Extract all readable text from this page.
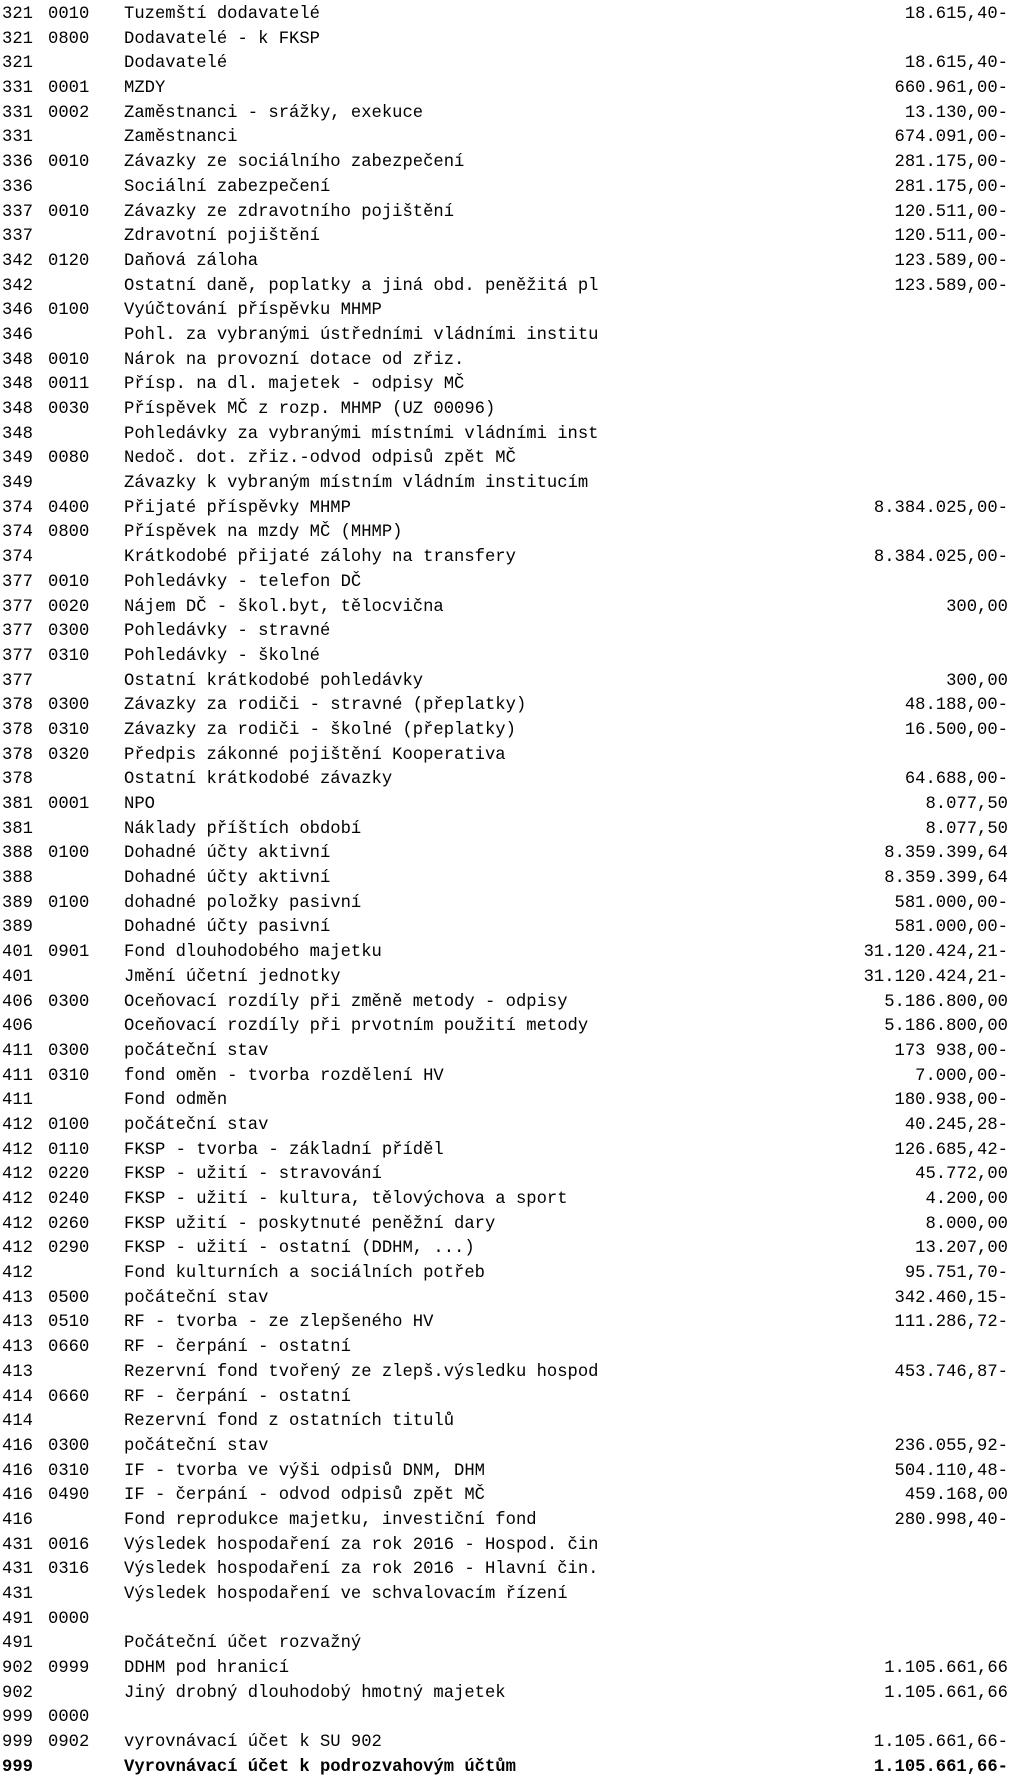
321 0010 Tuzemští dodavatelé	18.615,40-
321 0800 Dodavatelé - k FKSP
321	Dodavatelé	18.615,40-
331 0001 MZDY	660.961,00-
331 0002 Zaměstnanci - srážky, exekuce	13.130,00-
331	Zaměstnanci	674.091,00-
336 0010 Závazky ze sociálního zabezpečení	281.175,00-
336	Sociální zabezpečení	281.175,00-
337 0010 Závazky ze zdravotního pojištění	120.511,00-
337	Zdravotní pojištění	120.511,00-
342 0120 Daňová záloha	123.589,00-
342	Ostatní daně, poplatky a jiná obd. peněžitá pl	123.589,00-
346 0100 Vyúčtování příspěvku MHMP
346	Pohl. za vybranými ústředními vládními institu
348 0010 Nárok na provozní dotace od zřiz.
348 0011 Přísp. na dl. majetek - odpisy MČ
348 0030 Příspěvek MČ z rozp. MHMP (UZ 00096)
348	Pohledávky za vybranými místními vládními inst
349 0080 Nedoč. dot. zřiz.-odvod odpisů zpět MČ
349	Závazky k vybraným místním vládním institucím
374 0400 Přijaté příspěvky MHMP	8.384.025,00-
374 0800 Příspěvek na mzdy MČ (MHMP)
374	Krátkodobé přijaté zálohy na transfery	8.384.025,00-
377 0010 Pohledávky - telefon DČ
377 0020 Nájem DČ - škol.byt, tělocvična	300,00
377 0300 Pohledávky - stravné
377 0310 Pohledávky - školné
377	Ostatní krátkodobé pohledávky	300,00
378 0300 Závazky za rodiči - stravné (přeplatky)	48.188,00-
378 0310 Závazky za rodiči - školné (přeplatky)	16.500,00-
378 0320 Předpis zákonné pojištění Kooperativa
378	Ostatní krátkodobé závazky	64.688,00-
381 0001 NPO	8.077,50
381	Náklady příštích období	8.077,50
388 0100 Dohadné účty aktivní	8.359.399,64
388	Dohadné účty aktivní	8.359.399,64
389 0100 dohadné položky pasivní	581.000,00-
389	Dohadné účty pasivní	581.000,00-
401 0901 Fond dlouhodobého majetku	31.120.424,21-
401	Jmění účetní jednotky	31.120.424,21-
406 0300 Oceňovací rozdíly při změně metody - odpisy	5.186.800,00
406	Oceňovací rozdíly při prvotním použití metody	5.186.800,00
411 0300 počáteční stav	173 938,00-
411 0310 fond oměn - tvorba rozdělení HV	7.000,00-
411	Fond odměn	180.938,00-
412 0100 počáteční stav	40.245,28-
412 0110 FKSP - tvorba - základní příděl	126.685,42-
412 0220 FKSP - užití - stravování	45.772,00
412 0240 FKSP - užití - kultura, tělovýchova a sport	4.200,00
412 0260 FKSP užití - poskytnuté peněžní dary	8.000,00
412 0290 FKSP - užití - ostatní (DDHM, ...)	13.207,00
412	Fond kulturních a sociálních potřeb	95.751,70-
413 0500 počáteční stav	342.460,15-
413 0510 RF - tvorba - ze zlepšeného HV	111.286,72-
413 0660 RF - čerpání - ostatní
413	Rezervní fond tvořený ze zlepš.výsledku hospod	453.746,87-
414 0660 RF - čerpání - ostatní
414	Rezervní fond z ostatních titulů
416 0300 počáteční stav	236.055,92-
416 0310 IF - tvorba ve výši odpisů DNM, DHM	504.110,48-
416 0490 IF - čerpání - odvod odpisů zpět MČ	459.168,00
416	Fond reprodukce majetku, investiční fond	280.998,40-
431 0016 Výsledek hospodaření za rok 2016 - Hospod. čin
431 0316 Výsledek hospodaření za rok 2016 - Hlavní čin.
431	Výsledek hospodaření ve schvalovacím řízení
491 0000
491	Počáteční účet rozvažný
902 0999 DDHM pod hranicí	1.105.661,66
902	Jiný drobný dlouhodobý hmotný majetek	1.105.661,66
999 0000
999 0902 vyrovnávací účet k SU 902	1.105.661,66-
999	Vyrovnávací účet k podrozvahovým účtům	1.105.661,66-
